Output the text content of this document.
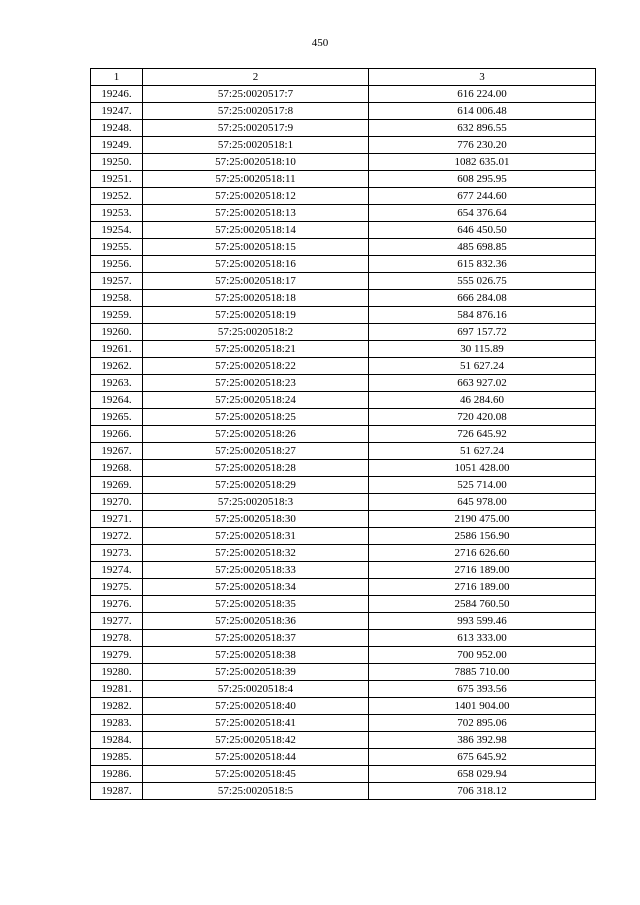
450
1	2	3
19246.	57:25:0020517:7	616 224.00
19247.	57:25:0020517:8	614 006.48
19248.	57:25:0020517:9	632 896.55
19249.	57:25:0020518:1	776 230.20
19250.	57:25:0020518:10	1082 635.01
19251.	57:25:0020518:11	608 295.95
19252.	57:25:0020518:12	677 244.60
19253.	57:25:0020518:13	654 376.64
19254.	57:25:0020518:14	646 450.50
19255.	57:25:0020518:15	485 698.85
19256.	57:25:0020518:16	615 832.36
19257.	57:25:0020518:17	555 026.75
19258.	57:25:0020518:18	666 284.08
19259.	57:25:0020518:19	584 876.16
19260.	57:25:0020518:2	697 157.72
19261.	57:25:0020518:21	30 115.89
19262.	57:25:0020518:22	51 627.24
19263.	57:25:0020518:23	663 927.02
19264.	57:25:0020518:24	46 284.60
19265.	57:25:0020518:25	720 420.08
19266.	57:25:0020518:26	726 645.92
19267.	57:25:0020518:27	51 627.24
19268.	57:25:0020518:28	1051 428.00
19269.	57:25:0020518:29	525 714.00
19270.	57:25:0020518:3	645 978.00
19271.	57:25:0020518:30	2190 475.00
19272.	57:25:0020518:31	2586 156.90
19273.	57:25:0020518:32	2716 626.60
19274.	57:25:0020518:33	2716 189.00
19275.	57:25:0020518:34	2716 189.00
19276.	57:25:0020518:35	2584 760.50
19277.	57:25:0020518:36	993 599.46
19278.	57:25:0020518:37	613 333.00
19279.	57:25:0020518:38	700 952.00
19280.	57:25:0020518:39	7885 710.00
19281.	57:25:0020518:4	675 393.56
19282.	57:25:0020518:40	1401 904.00
19283.	57:25:0020518:41	702 895.06
19284.	57:25:0020518:42	386 392.98
19285.	57:25:0020518:44	675 645.92
19286.	57:25:0020518:45	658 029.94
19287.	57:25:0020518:5	706 318.12
